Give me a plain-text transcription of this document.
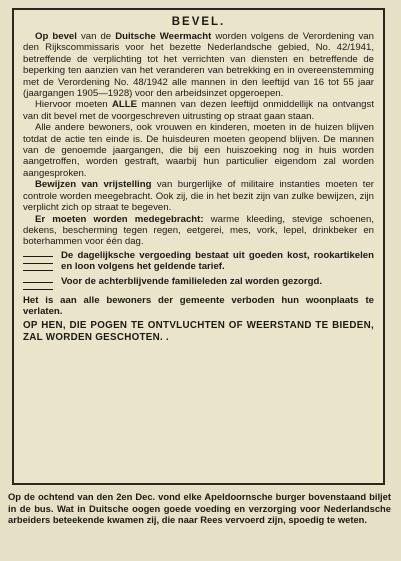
BEVEL.

Op bevel van de Duitsche Weermacht worden volgens de Verordening van den Rijkscommissaris voor het bezette Nederlandsche gebied, No. 42/1941, betreffende de verplichting tot het verrichten van diensten en betreffende de beperking ten aanzien van het veranderen van betrekking en in overeenstemming met de Verordening No. 48/1942 alle mannen in den leeftijd van 16 tot 55 jaar (jaargangen 1905—1928) voor den arbeidsinzet opgeroepen.

Hiervoor moeten ALLE mannen van dezen leeftijd onmiddellijk na ontvangst van dit bevel met de voorgeschreven uitrusting op straat gaan staan.

Alle andere bewoners, ook vrouwen en kinderen, moeten in de huizen blijven totdat de actie ten einde is. De huisdeuren moeten geopend blijven. De mannen van de genoemde jaargangen, die bij een huiszoeking nog in huis worden aangetroffen, worden gestraft, waarbij hun particulier eigendom zal worden aangesproken.

Bewijzen van vrijstelling van burgerlijke of militaire instanties moeten ter controle worden meegebracht. Ook zij, die in het bezit zijn van zulke bewijzen, zijn verplicht zich op straat te begeven.

Er moeten worden medegebracht: warme kleeding, stevige schoenen, dekens, bescherming tegen regen, eetgerei, mes, vork, lepel, drinkbeker en boterhammen voor één dag.

De dagelijksche vergoeding bestaat uit goeden kost, rookartikelen en loon volgens het geldende tarief.
Voor de achterblijvende familieleden zal worden gezorgd.

Het is aan alle bewoners der gemeente verboden hun woonplaats te verlaten.

OP HEN, DIE POGEN TE ONTVLUCHTEN OF WEERSTAND TE BIEDEN, ZAL WORDEN GESCHOTEN. .

Op de ochtend van den 2en Dec. vond elke Apeldoornsche burger bovenstaand biljet in de bus. Wat in Duitsche oogen goede voeding en verzorging voor Nederlandsche arbeiders beteekende kwamen zij, die naar Rees vervoerd zijn, spoedig te weten.
